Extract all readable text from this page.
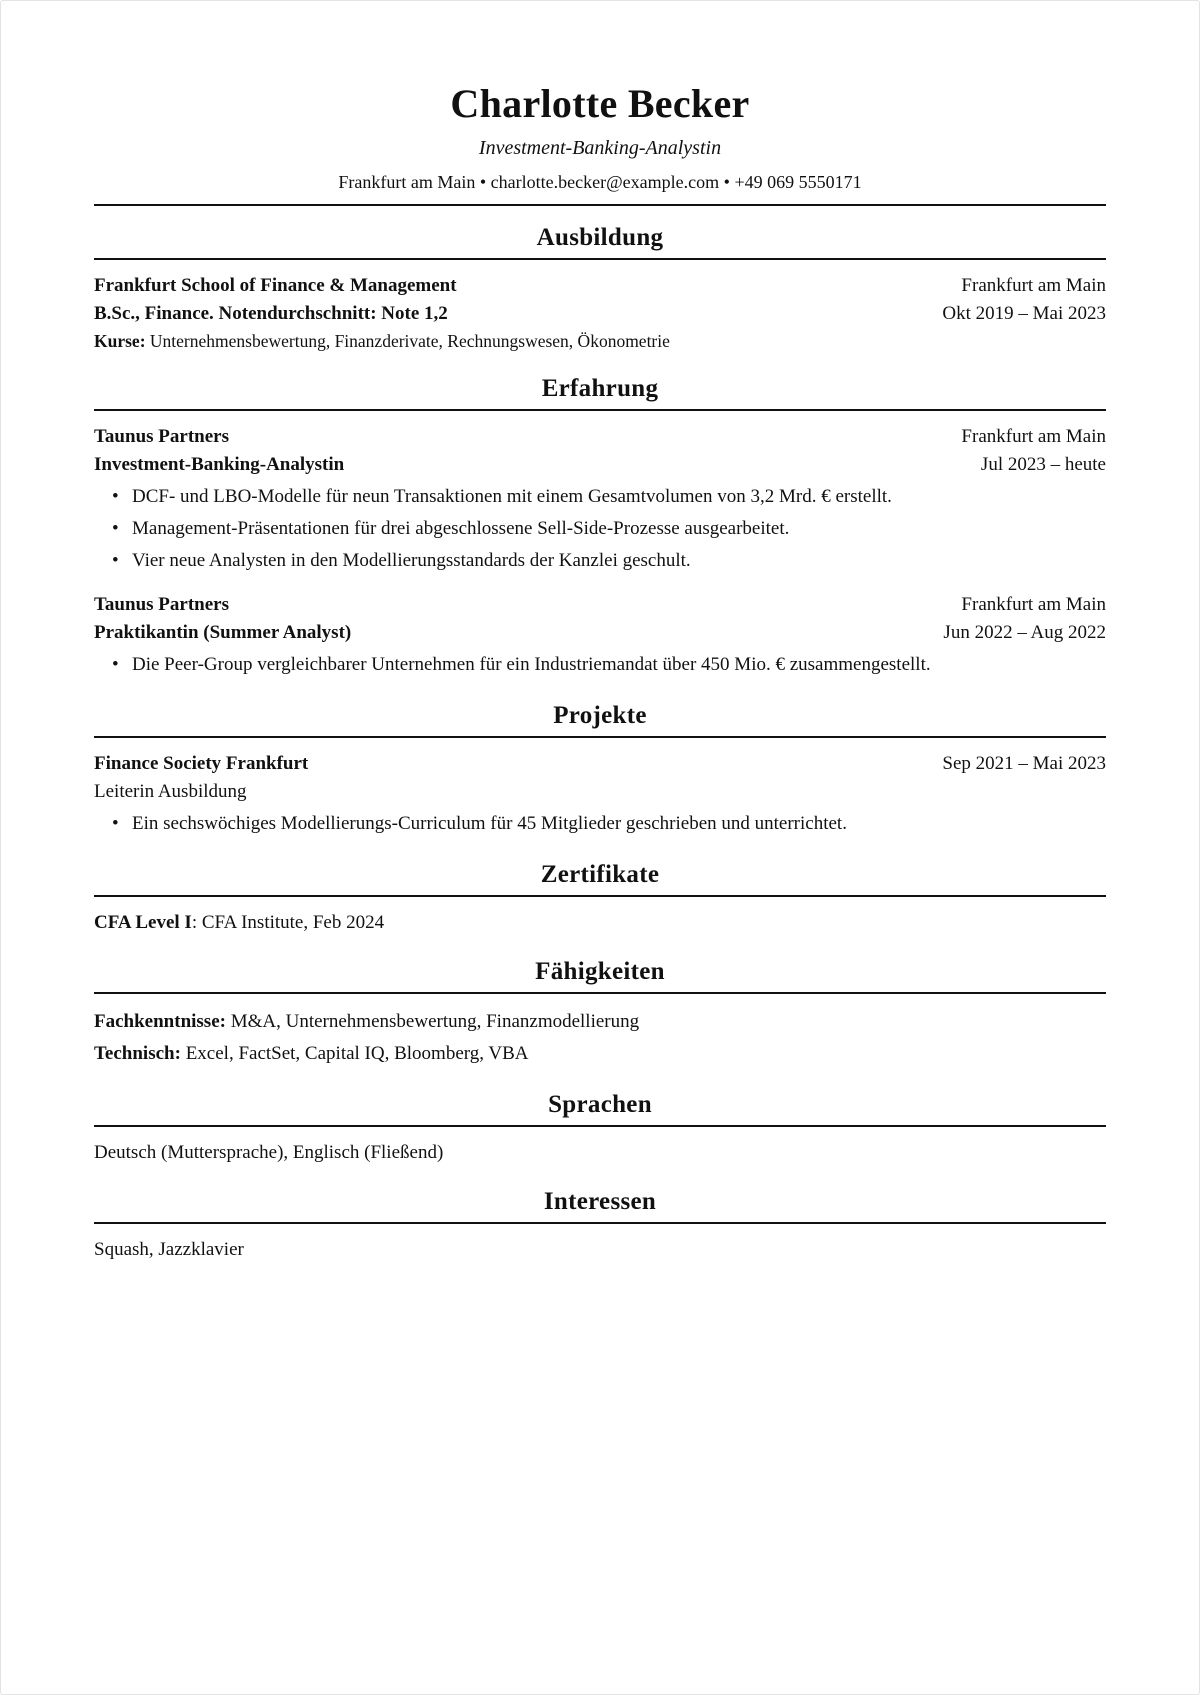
Charlotte Becker
Investment-Banking-Analystin
Frankfurt am Main • charlotte.becker@example.com • +49 069 5550171
Ausbildung
Frankfurt School of Finance & Management	Frankfurt am Main
B.Sc., Finance. Notendurchschnitt: Note 1,2	Okt 2019 – Mai 2023
Kurse: Unternehmensbewertung, Finanzderivate, Rechnungswesen, Ökonometrie
Erfahrung
Taunus Partners	Frankfurt am Main
Investment-Banking-Analystin	Jul 2023 – heute
• DCF- und LBO-Modelle für neun Transaktionen mit einem Gesamtvolumen von 3,2 Mrd. € erstellt.
• Management-Präsentationen für drei abgeschlossene Sell-Side-Prozesse ausgearbeitet.
• Vier neue Analysten in den Modellierungsstandards der Kanzlei geschult.
Taunus Partners	Frankfurt am Main
Praktikantin (Summer Analyst)	Jun 2022 – Aug 2022
• Die Peer-Group vergleichbarer Unternehmen für ein Industriemandat über 450 Mio. € zusammengestellt.
Projekte
Finance Society Frankfurt	Sep 2021 – Mai 2023
Leiterin Ausbildung
• Ein sechswöchiges Modellierungs-Curriculum für 45 Mitglieder geschrieben und unterrichtet.
Zertifikate
CFA Level I: CFA Institute, Feb 2024
Fähigkeiten
Fachkenntnisse: M&A, Unternehmensbewertung, Finanzmodellierung
Technisch: Excel, FactSet, Capital IQ, Bloomberg, VBA
Sprachen
Deutsch (Muttersprache), Englisch (Fließend)
Interessen
Squash, Jazzklavier
